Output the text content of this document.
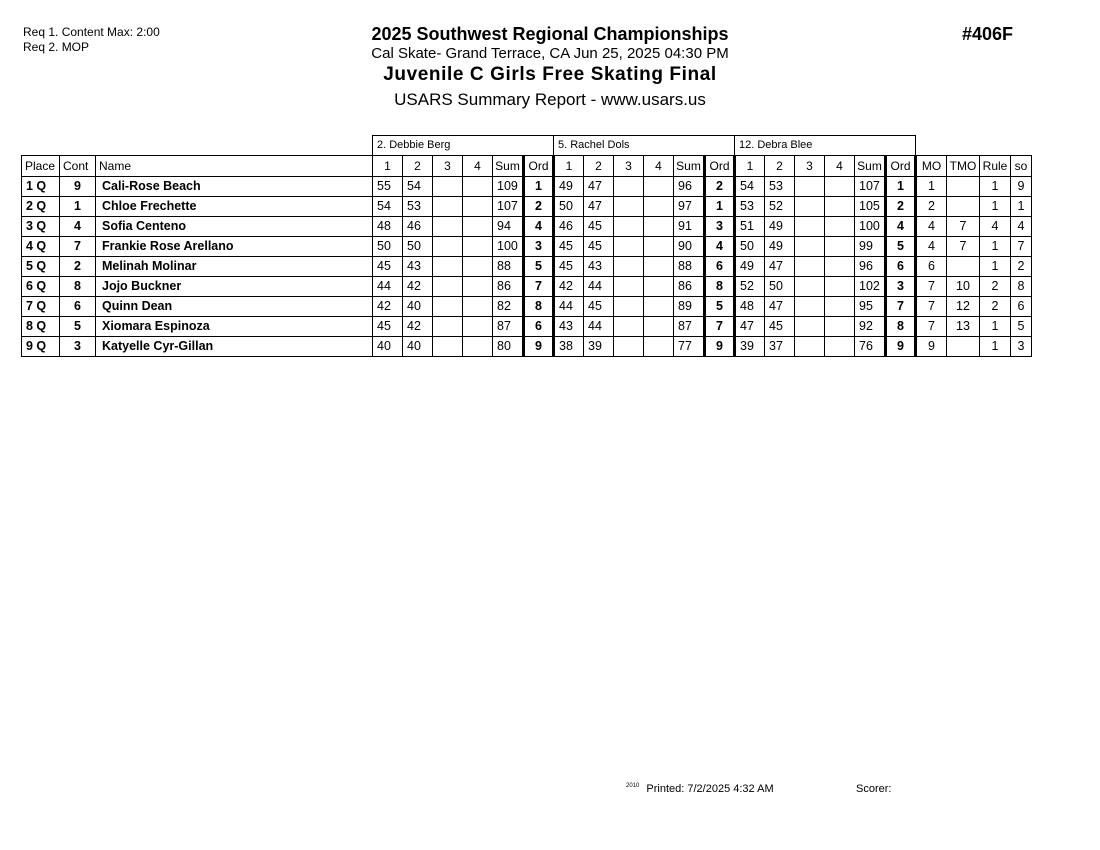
Req 1. Content Max: 2:00
Req 2. MOP
2025 Southwest Regional Championships
Cal Skate- Grand Terrace, CA Jun 25, 2025 04:30 PM
Juvenile C Girls Free Skating Final
USARS Summary Report - www.usars.us
#406F
			2. Debbie Berg						5. Rachel Dols						12. Debra Blee									
Place	Cont	Name	1	2	3	4	Sum	Ord	1	2	3	4	Sum	Ord	1	2	3	4	Sum	Ord	MO	TMO	Rule	so
1 Q	9	Cali-Rose Beach	55	54			109	1	49	47			96	2	54	53			107	1	1		1	9
2 Q	1	Chloe Frechette	54	53			107	2	50	47			97	1	53	52			105	2	2		1	1
3 Q	4	Sofia Centeno	48	46			94	4	46	45			91	3	51	49			100	4	4	7	4	4
4 Q	7	Frankie Rose Arellano	50	50			100	3	45	45			90	4	50	49			99	5	4	7	1	7
5 Q	2	Melinah Molinar	45	43			88	5	45	43			88	6	49	47			96	6	6		1	2
6 Q	8	Jojo Buckner	44	42			86	7	42	44			86	8	52	50			102	3	7	10	2	8
7 Q	6	Quinn Dean	42	40			82	8	44	45			89	5	48	47			95	7	7	12	2	6
8 Q	5	Xiomara Espinoza	45	42			87	6	43	44			87	7	47	45			92	8	7	13	1	5
9 Q	3	Katyelle Cyr-Gillan	40	40			80	9	38	39			77	9	39	37			76	9	9		1	3
$^{2010}$ Printed: 7/2/2025 4:32 AM	Scorer:
